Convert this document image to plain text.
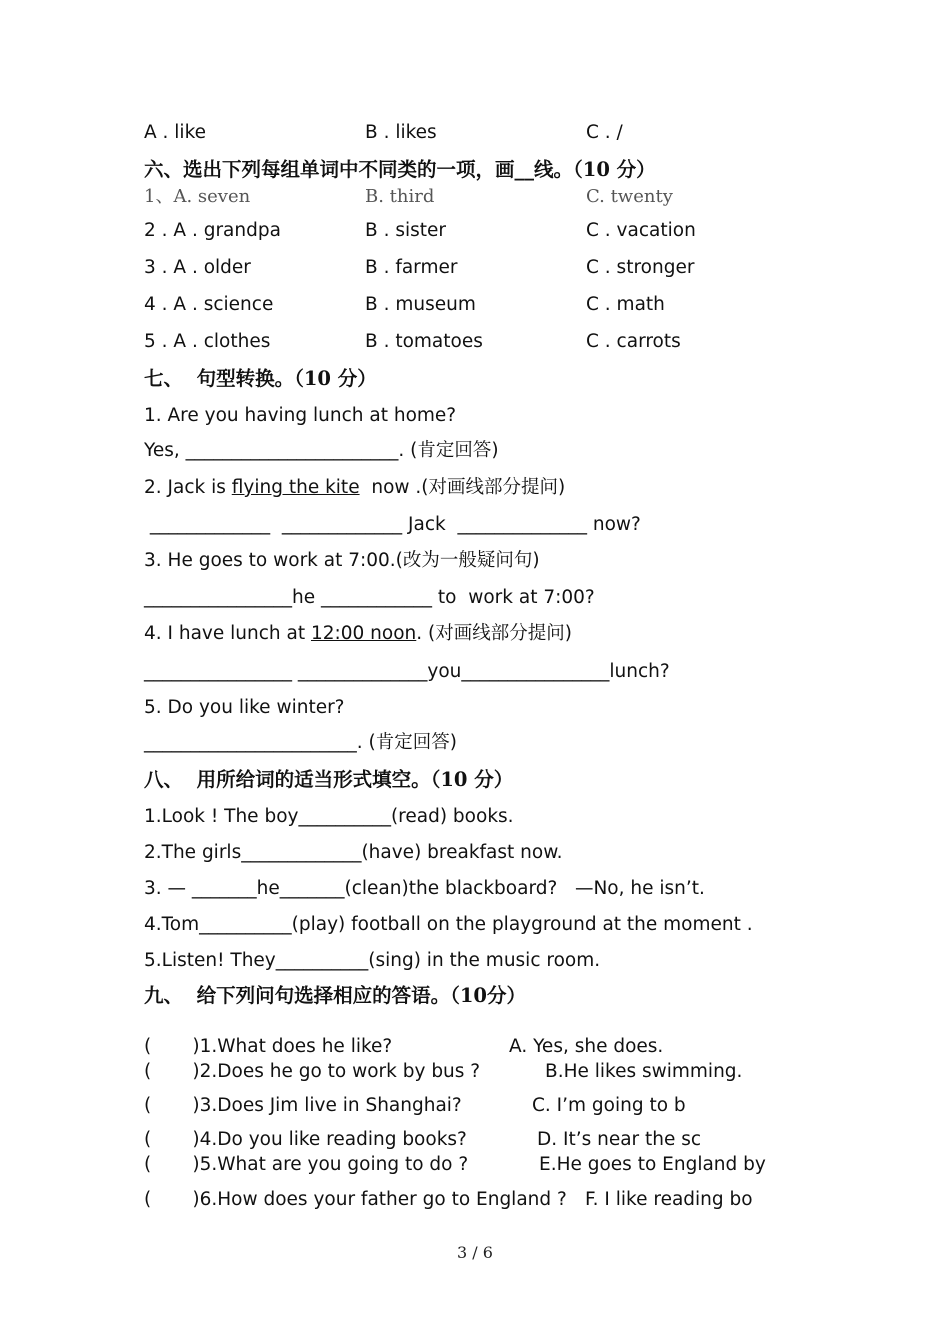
A . like	B . likes	C . /
六、选出下列每组单词中不同类的一项，画__线。（10 分）
1、A. seven	B. third	C. twenty
2 . A . grandpa	B . sister	C . vacation
3 . A . older	B . farmer	C . stronger
4 . A . science	B . museum	C . math
5 . A . clothes	B . tomatoes	C . carrots
七、  句型转换。（10 分）
1. Are you having lunch at home?
Yes, _______________________. (肯定回答)
2. Jack is flying the kite  now .(对画线部分提问)
_____________  _____________ Jack  ______________ now?
3. He goes to work at 7:00.(改为一般疑问句)
________________he ____________ to  work at 7:00?
4. I have lunch at 12:00 noon. (对画线部分提问)
________________ ______________you________________lunch?
5. Do you like winter?
_______________________. (肯定回答)
八、  用所给词的适当形式填空。（10 分）
1.Look ! The boy__________(read) books.
2.The girls_____________(have) breakfast now.
3. — _______he_______(clean)the blackboard?   —No, he isn’t.
4.Tom__________(play) football on the playground at the moment .
5.Listen! They__________(sing) in the music room.
九、  给下列问句选择相应的答语。（10分）
(       )1.What does he like?	A. Yes, she does.
(       )2.Does he go to work by bus ?	B.He likes swimming.
(       )3.Does Jim live in Shanghai?	C. I’m going to b
(       )4.Do you like reading books?	D. It’s near the sc
(       )5.What are you going to do ?	E.He goes to England by
(       )6.How does your father go to England ? F. I like reading bo
3 / 6
